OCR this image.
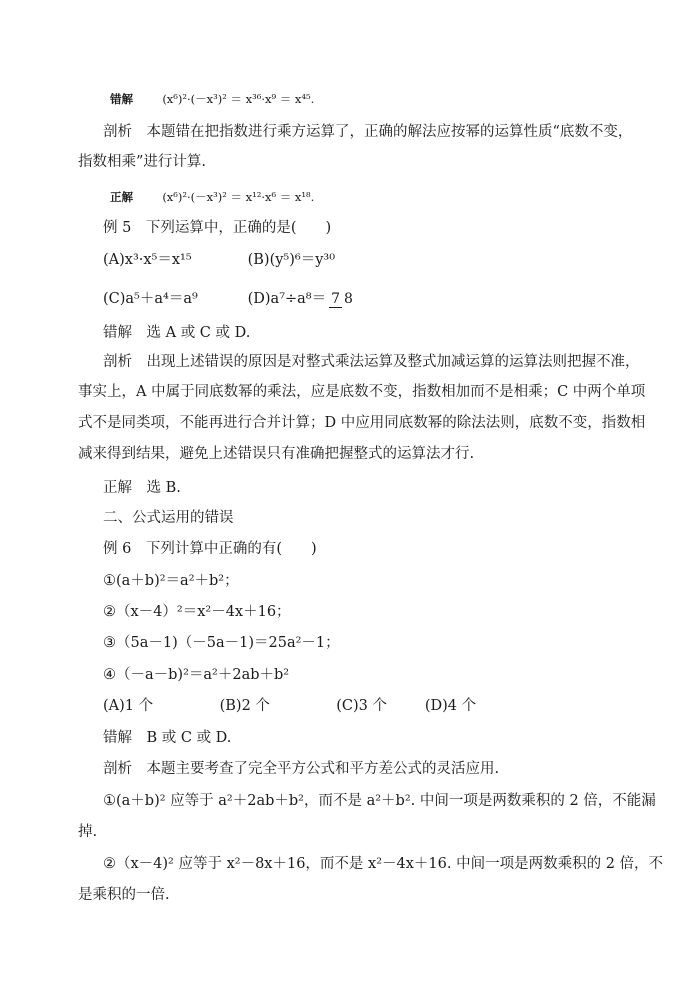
错解	(x⁶)²·(－x³)² ＝ x³⁶·x⁹ ＝ x⁴⁵.
剖析　本题错在把指数进行乘方运算了，正确的解法应按幂的运算性质“底数不变，
指数相乘”进行计算.
正解	(x⁶)²·(－x³)² ＝ x¹²·x⁶ ＝ x¹⁸.
例 5　下列运算中，正确的是(　　)
(A)x³·x⁵＝x¹⁵	(B)(y⁵)⁶＝y³⁰
(C)a⁵＋a⁴＝a⁹	(D)a⁷÷a⁸＝ 7 8
错解　选 A 或 C 或 D.
剖析　出现上述错误的原因是对整式乘法运算及整式加减运算的运算法则把握不准，
事实上，A 中属于同底数幂的乘法，应是底数不变，指数相加而不是相乘；C 中两个单项
式不是同类项，不能再进行合并计算；D 中应用同底数幂的除法法则，底数不变，指数相
减来得到结果，避免上述错误只有准确把握整式的运算法才行.
正解　选 B.
二、公式运用的错误
例 6　下列计算中正确的有(　　)
①(a＋b)²＝a²＋b²；
②（x－4）²＝x²－4x＋16；
③（5a－1)（－5a－1)＝25a²－1；
④（－a－b)²＝a²＋2ab＋b²
(A)1 个	(B)2 个	(C)3 个	(D)4 个
错解　B 或 C 或 D.
剖析　本题主要考查了完全平方公式和平方差公式的灵活应用.
①(a＋b)² 应等于 a²＋2ab＋b²，而不是 a²＋b². 中间一项是两数乘积的 2 倍，不能漏
掉.
②（x－4)² 应等于 x²－8x＋16，而不是 x²－4x＋16. 中间一项是两数乘积的 2 倍，不
是乘积的一倍.
